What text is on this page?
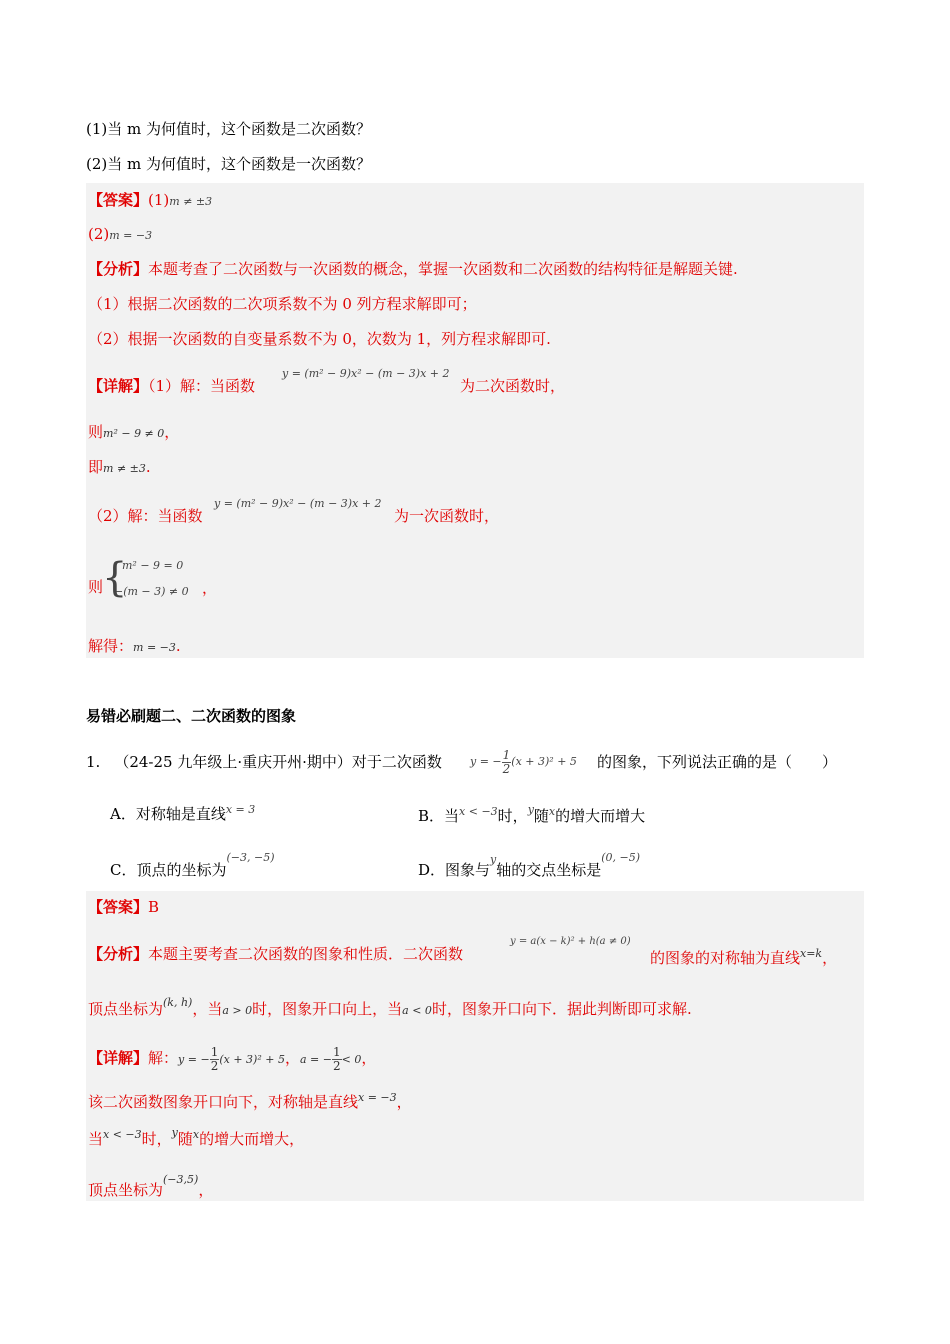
(1)当 m 为何值时，这个函数是二次函数？
(2)当 m 为何值时，这个函数是一次函数？
【答案】(1)m ≠ ±3
(2)m = −3
【分析】本题考查了二次函数与一次函数的概念，掌握一次函数和二次函数的结构特征是解题关键.
（1）根据二次函数的二次项系数不为 0 列方程求解即可；
（2）根据一次函数的自变量系数不为 0，次数为 1，列方程求解即可.
【详解】（1）解：当函数
y = (m² − 9)x² − (m − 3)x + 2
为二次函数时，
则m² − 9 ≠ 0，
即m ≠ ±3.
（2）解：当函数
y = (m² − 9)x² − (m − 3)x + 2
为一次函数时，
则
{
m² − 9 = 0
−(m − 3) ≠ 0 ，
解得：m = −3.
易错必刷题二、二次函数的图象
1. （24-25 九年级上·重庆开州·期中）对于二次函数	y = − $\frac{1}{2} (x + 3)^2 + 5$ 的图象，下列说法正确的是（　　）
A．对称轴是直线$^{x = 3}$	B．当$^{x < -3}$时，$^y$随$^x$的增大而增大
C．顶点的坐标为$^{(-3, -5)}$
D．图象与$^y$轴的交点坐标是$^{(0, -5)}$
【答案】B
【分析】本题主要考查二次函数的图象和性质．二次函数
y = a(x − k)² + h(a ≠ 0)
的图象的对称轴为直线$^{x=k}$，
顶点坐标为$^{(k, h)}$，当a > 0时，图象开口向上，当a < 0时，图象开口向下．据此判断即可求解.
【详解】解：y = − $\frac{1}{2} (x + 3)^2 + 5$，a = − $\frac{1}{2} < 0$，
该二次函数图象开口向下，对称轴是直线$^{x = -3}$，
当$^{x < -3}$时，$^y$随$^x$的增大而增大，
顶点坐标为$^{(-3,5)}$，
